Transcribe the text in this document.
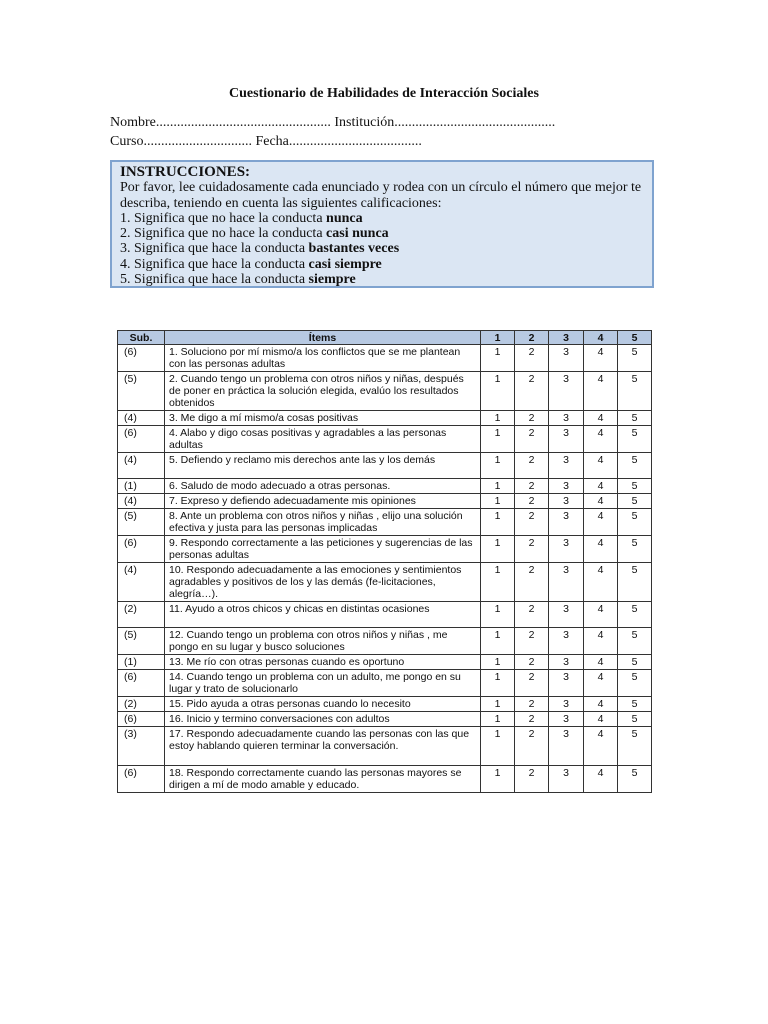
Cuestionario de Habilidades de Interacción Sociales
Nombre.................................................. Institución..............................................
Curso............................... Fecha......................................
INSTRUCCIONES:
Por favor, lee cuidadosamente cada enunciado y rodea con un círculo el número que mejor te describa, teniendo en cuenta las siguientes calificaciones:
1. Significa que no hace la conducta nunca
2. Significa que no hace la conducta casi nunca
3. Significa que hace la conducta bastantes veces
4. Significa que hace la conducta casi siempre
5. Significa que hace la conducta siempre
Sub.	Ítems	1	2	3	4	5
(6)	1. Soluciono por mí mismo/a los conflictos que se me plantean con las personas adultas	1	2	3	4	5
(5)	2. Cuando tengo un problema con otros niños y niñas, después de poner en práctica la solución elegida, evalúo los resultados obtenidos	1	2	3	4	5
(4)	3. Me digo a mí mismo/a cosas positivas	1	2	3	4	5
(6)	4. Alabo y digo cosas positivas y agradables a las personas adultas	1	2	3	4	5
(4)	5. Defiendo y reclamo mis derechos ante las y los demás	1	2	3	4	5
(1)	6. Saludo de modo adecuado a otras personas.	1	2	3	4	5
(4)	7. Expreso y defiendo adecuadamente mis opiniones	1	2	3	4	5
(5)	8. Ante un problema con otros niños y niñas , elijo una solución efectiva y justa para las personas implicadas	1	2	3	4	5
(6)	9. Respondo correctamente a las peticiones y sugerencias de las personas adultas	1	2	3	4	5
(4)	10. Respondo adecuadamente a las emociones y sentimientos agradables y positivos de los y las demás (fe-licitaciones, alegría…).	1	2	3	4	5
(2)	11. Ayudo a otros chicos y chicas en distintas ocasiones	1	2	3	4	5
(5)	12. Cuando tengo un problema con otros niños y niñas , me pongo en su lugar y busco soluciones	1	2	3	4	5
(1)	13. Me río con otras personas cuando es oportuno	1	2	3	4	5
(6)	14. Cuando tengo un problema con un adulto, me pongo en su lugar y trato de solucionarlo	1	2	3	4	5
(2)	15. Pido ayuda a otras personas cuando lo necesito	1	2	3	4	5
(6)	16. Inicio y termino conversaciones con adultos	1	2	3	4	5
(3)	17. Respondo adecuadamente cuando las personas con las que estoy hablando quieren terminar la conversación.	1	2	3	4	5
(6)	18. Respondo correctamente cuando las personas mayores se dirigen a mí de modo amable y educado.	1	2	3	4	5
